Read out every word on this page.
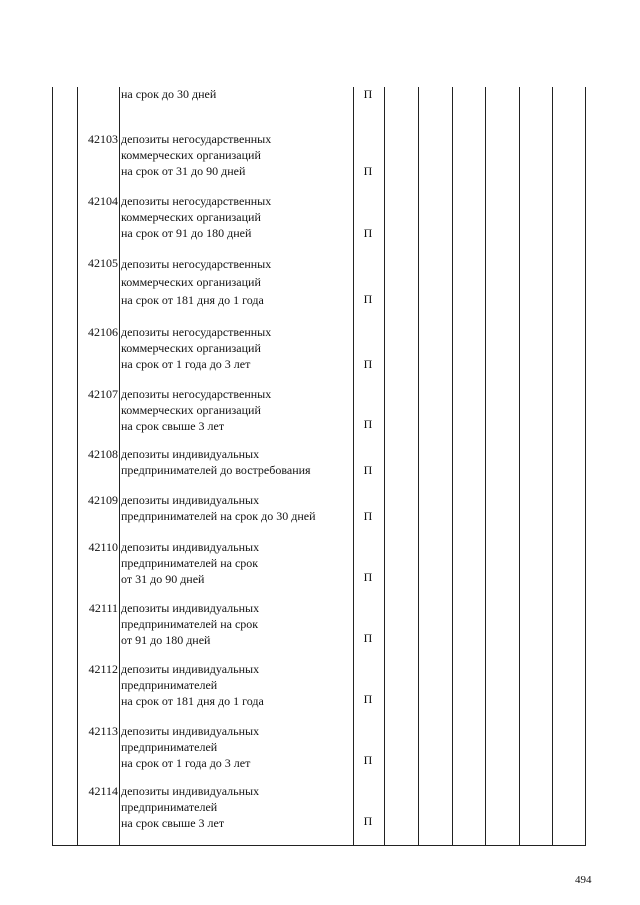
на срок до 30 дней	П
42103 депозиты негосударственных
коммерческих организаций
на срок от 31 до 90 дней	П
42104 депозиты негосударственных
коммерческих организаций
на срок от 91 до 180 дней	П
42105 депозиты негосударственных
коммерческих организаций
на срок от 181 дня до 1 года	П
42106 депозиты негосударственных
коммерческих организаций
на срок от 1 года до 3 лет	П
42107 депозиты негосударственных
коммерческих организаций
на срок свыше 3 лет	П
42108 депозиты индивидуальных
предпринимателей до востребования	П
42109 депозиты индивидуальных
предпринимателей на срок до 30 дней	П
42110 депозиты индивидуальных
предпринимателей на срок
от 31 до 90 дней	П
42111 депозиты индивидуальных
предпринимателей на срок
от 91 до 180 дней	П
42112 депозиты индивидуальных
предпринимателей
на срок от 181 дня до 1 года	П
42113 депозиты индивидуальных
предпринимателей
на срок от 1 года до 3 лет	П
42114 депозиты индивидуальных
предпринимателей
на срок свыше 3 лет	П
494
